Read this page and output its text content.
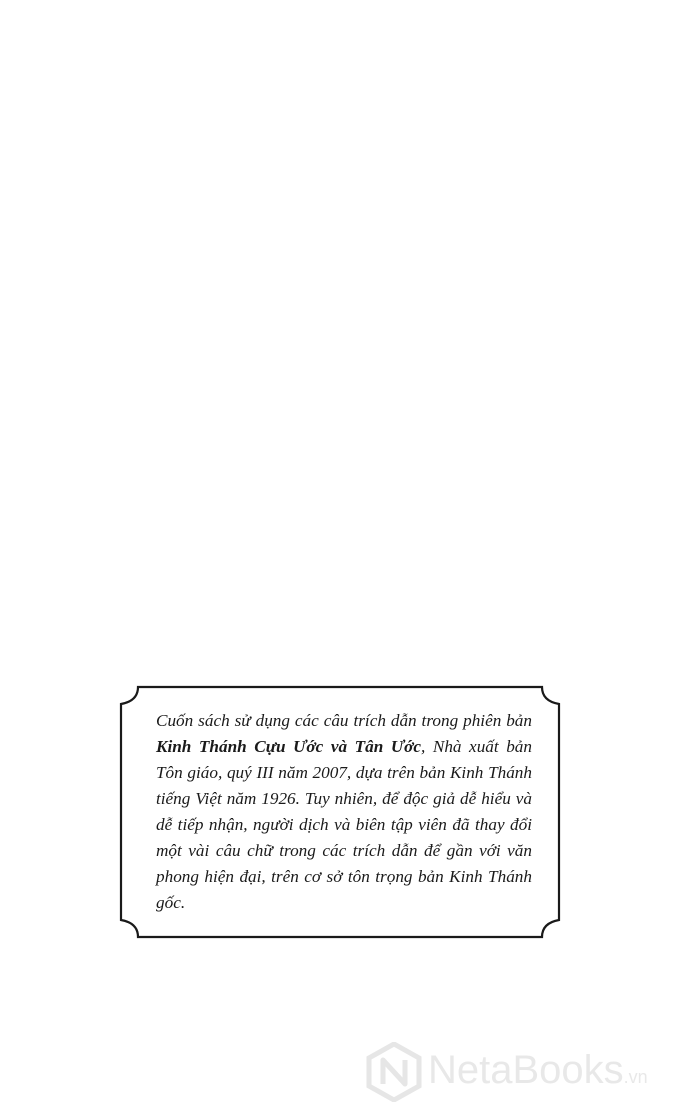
Cuốn sách sử dụng các câu trích dẫn trong phiên bản Kinh Thánh Cựu Ước và Tân Ước, Nhà xuất bản Tôn giáo, quý III năm 2007, dựa trên bản Kinh Thánh tiếng Việt năm 1926. Tuy nhiên, để độc giả dễ hiểu và dễ tiếp nhận, người dịch và biên tập viên đã thay đổi một vài câu chữ trong các trích dẫn để gần với văn phong hiện đại, trên cơ sở tôn trọng bản Kinh Thánh gốc.
NetaBooks.vn
